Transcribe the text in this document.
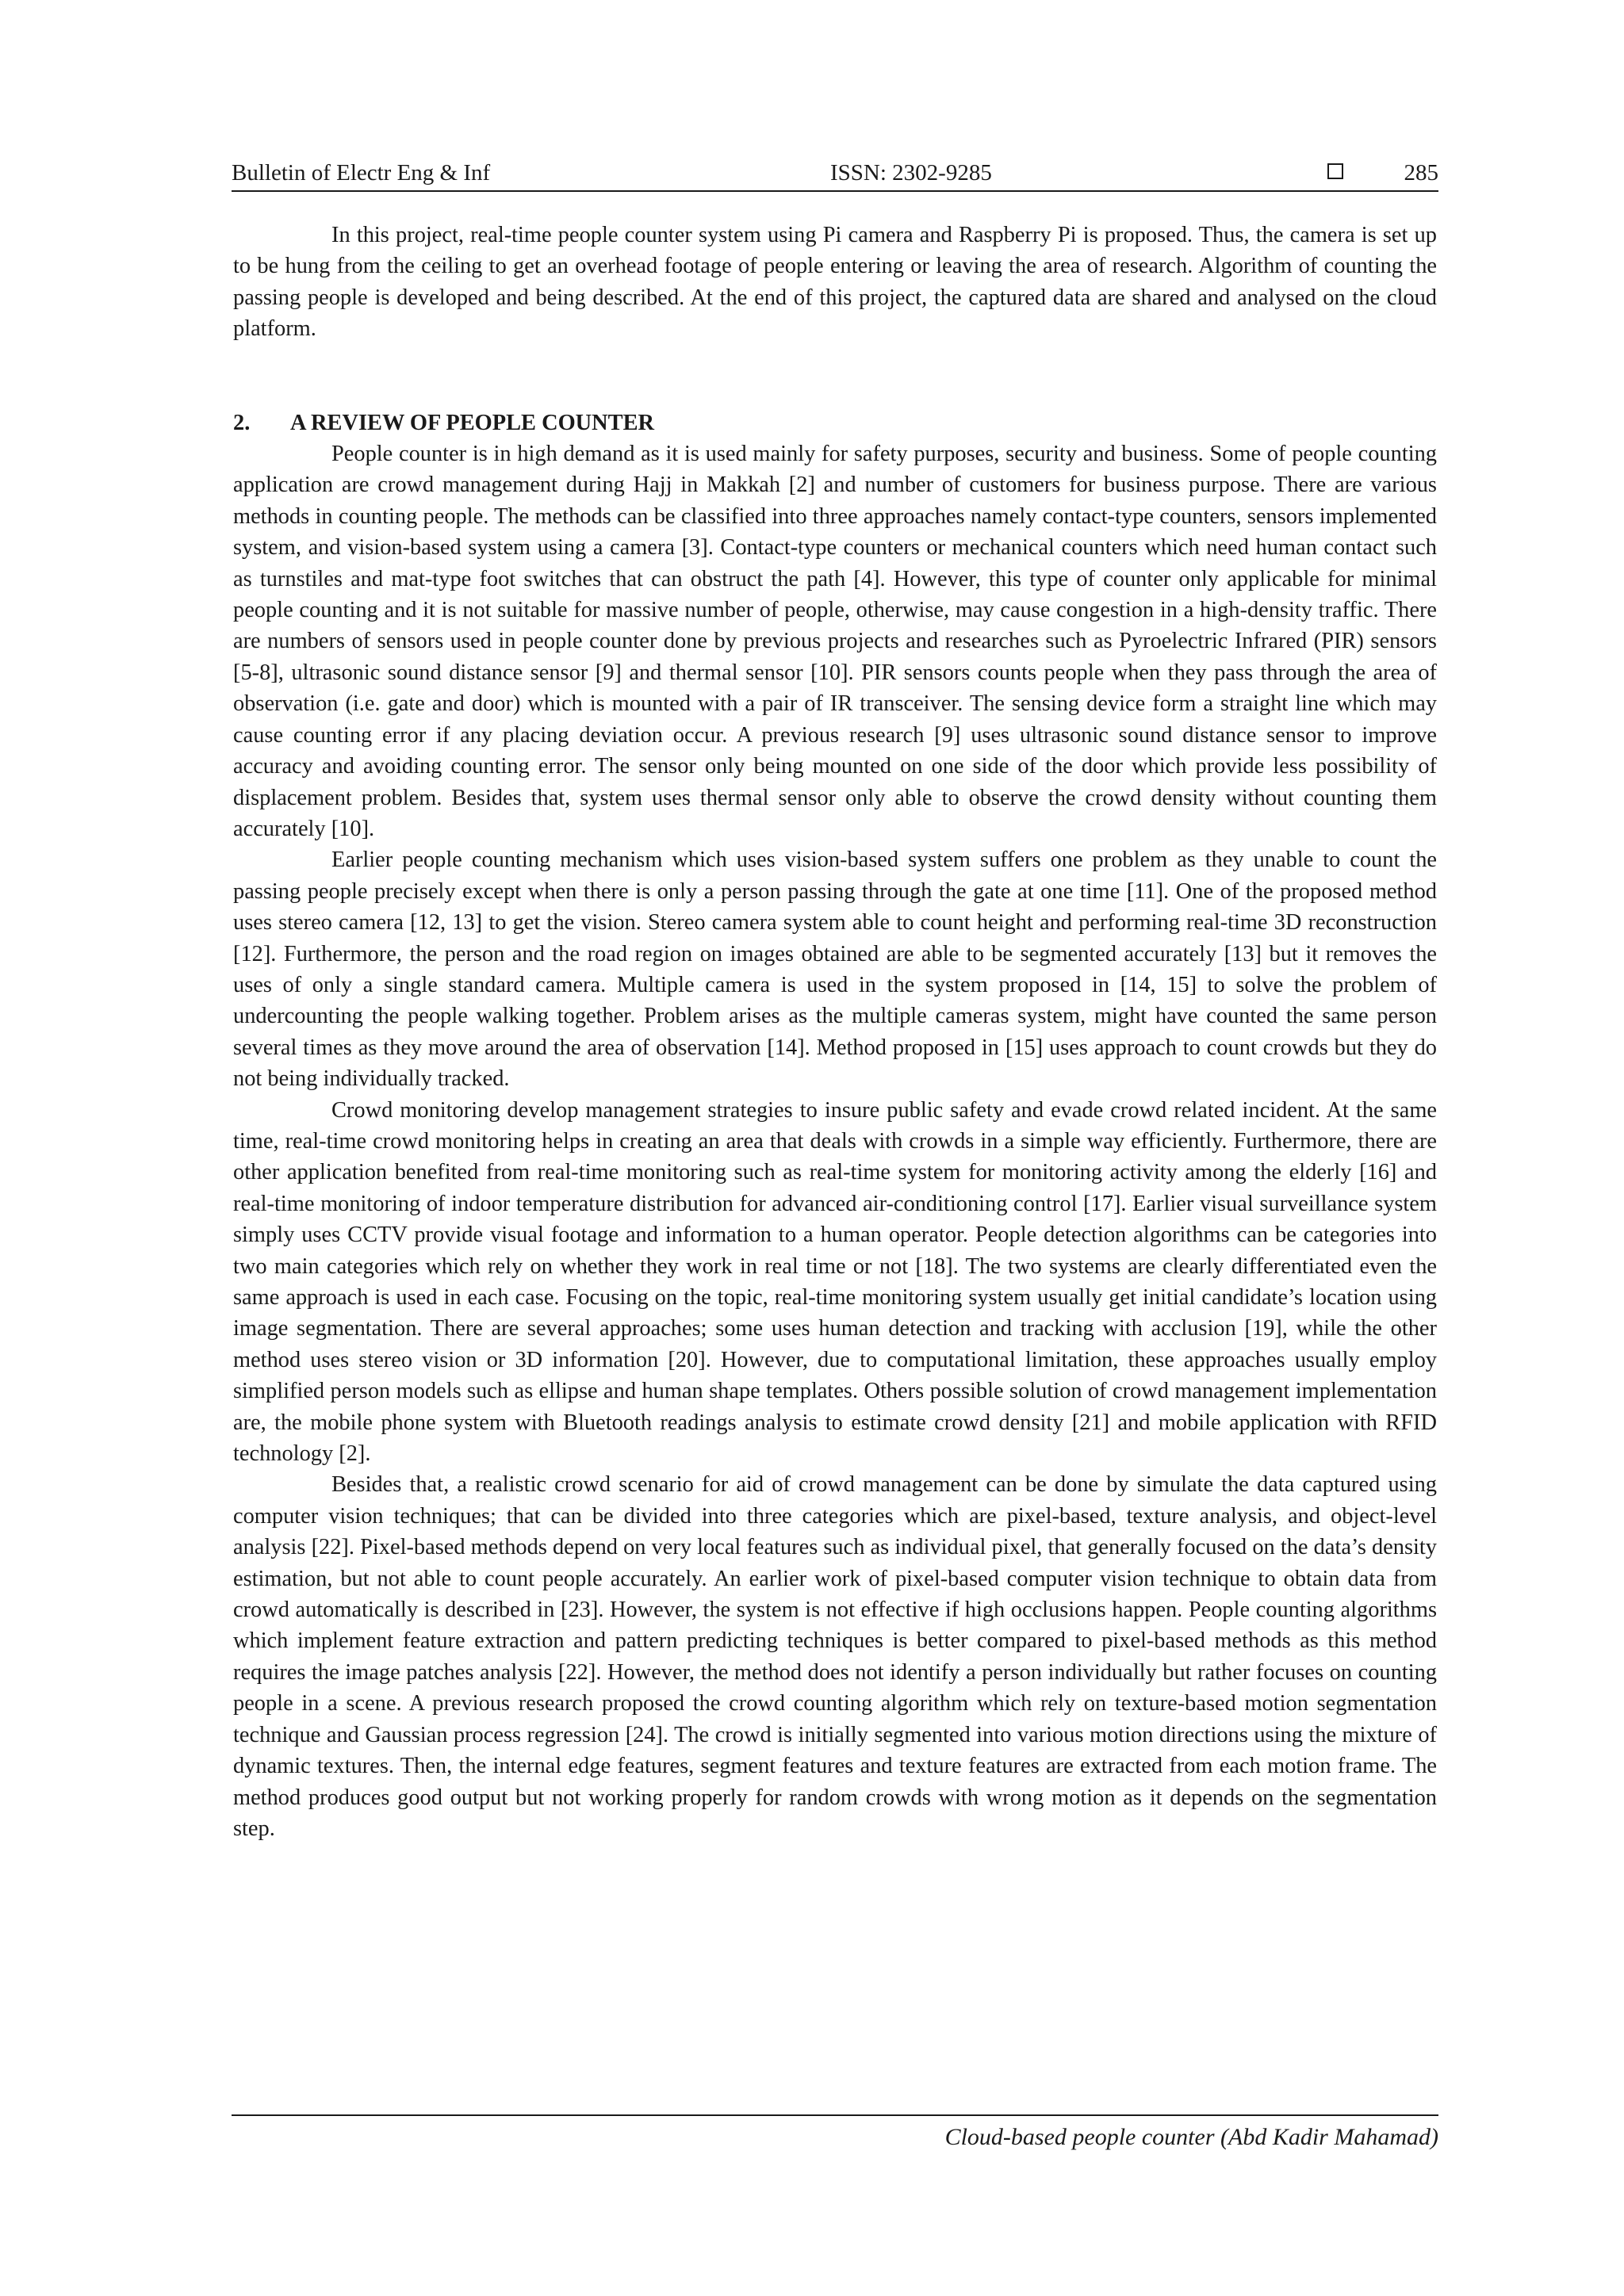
Bulletin of Electr Eng & Inf	ISSN: 2302-9285	285

In this project, real-time people counter system using Pi camera and Raspberry Pi is proposed. Thus, the camera is set up to be hung from the ceiling to get an overhead footage of people entering or leaving the area of research. Algorithm of counting the passing people is developed and being described. At the end of this project, the captured data are shared and analysed on the cloud platform.

2. A REVIEW OF PEOPLE COUNTER

People counter is in high demand as it is used mainly for safety purposes, security and business. Some of people counting application are crowd management during Hajj in Makkah [2] and number of customers for business purpose. There are various methods in counting people. The methods can be classified into three approaches namely contact-type counters, sensors implemented system, and vision-based system using a camera [3]. Contact-type counters or mechanical counters which need human contact such as turnstiles and mat-type foot switches that can obstruct the path [4]. However, this type of counter only applicable for minimal people counting and it is not suitable for massive number of people, otherwise, may cause congestion in a high-density traffic. There are numbers of sensors used in people counter done by previous projects and researches such as Pyroelectric Infrared (PIR) sensors [5-8], ultrasonic sound distance sensor [9] and thermal sensor [10]. PIR sensors counts people when they pass through the area of observation (i.e. gate and door) which is mounted with a pair of IR transceiver. The sensing device form a straight line which may cause counting error if any placing deviation occur. A previous research [9] uses ultrasonic sound distance sensor to improve accuracy and avoiding counting error. The sensor only being mounted on one side of the door which provide less possibility of displacement problem. Besides that, system uses thermal sensor only able to observe the crowd density without counting them accurately [10].

Earlier people counting mechanism which uses vision-based system suffers one problem as they unable to count the passing people precisely except when there is only a person passing through the gate at one time [11]. One of the proposed method uses stereo camera [12, 13] to get the vision. Stereo camera system able to count height and performing real-time 3D reconstruction [12]. Furthermore, the person and the road region on images obtained are able to be segmented accurately [13] but it removes the uses of only a single standard camera. Multiple camera is used in the system proposed in [14, 15] to solve the problem of undercounting the people walking together. Problem arises as the multiple cameras system, might have counted the same person several times as they move around the area of observation [14]. Method proposed in [15] uses approach to count crowds but they do not being individually tracked.

Crowd monitoring develop management strategies to insure public safety and evade crowd related incident. At the same time, real-time crowd monitoring helps in creating an area that deals with crowds in a simple way efficiently. Furthermore, there are other application benefited from real-time monitoring such as real-time system for monitoring activity among the elderly [16] and real-time monitoring of indoor temperature distribution for advanced air-conditioning control [17]. Earlier visual surveillance system simply uses CCTV provide visual footage and information to a human operator. People detection algorithms can be categories into two main categories which rely on whether they work in real time or not [18]. The two systems are clearly differentiated even the same approach is used in each case. Focusing on the topic, real-time monitoring system usually get initial candidate’s location using image segmentation. There are several approaches; some uses human detection and tracking with acclusion [19], while the other method uses stereo vision or 3D information [20]. However, due to computational limitation, these approaches usually employ simplified person models such as ellipse and human shape templates. Others possible solution of crowd management implementation are, the mobile phone system with Bluetooth readings analysis to estimate crowd density [21] and mobile application with RFID technology [2].

Besides that, a realistic crowd scenario for aid of crowd management can be done by simulate the data captured using computer vision techniques; that can be divided into three categories which are pixel-based, texture analysis, and object-level analysis [22]. Pixel-based methods depend on very local features such as individual pixel, that generally focused on the data’s density estimation, but not able to count people accurately. An earlier work of pixel-based computer vision technique to obtain data from crowd automatically is described in [23]. However, the system is not effective if high occlusions happen. People counting algorithms which implement feature extraction and pattern predicting techniques is better compared to pixel-based methods as this method requires the image patches analysis [22]. However, the method does not identify a person individually but rather focuses on counting people in a scene. A previous research proposed the crowd counting algorithm which rely on texture-based motion segmentation technique and Gaussian process regression [24]. The crowd is initially segmented into various motion directions using the mixture of dynamic textures. Then, the internal edge features, segment features and texture features are extracted from each motion frame. The method produces good output but not working properly for random crowds with wrong motion as it depends on the segmentation step.

Cloud-based people counter (Abd Kadir Mahamad)
